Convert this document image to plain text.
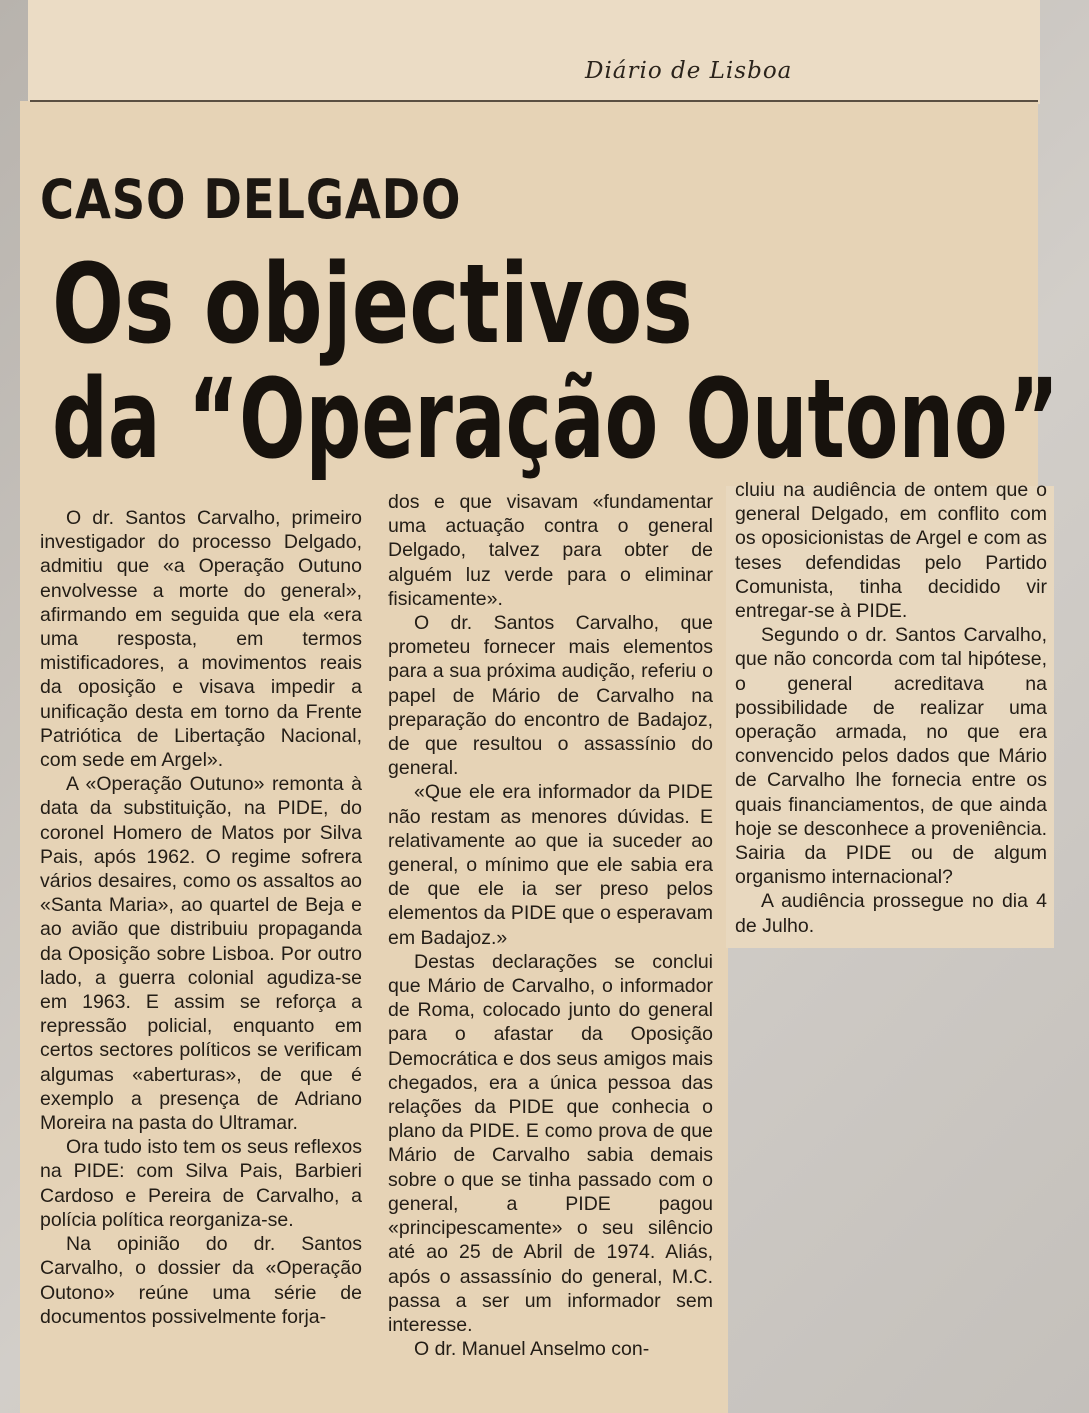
Diário de Lisboa
CASO DELGADO
Os objectivos
da “Operação Outono”

O dr. Santos Carvalho, primeiro investigador do processo Delgado, admitiu que «a Operação Outuno envolvesse a morte do general», afirmando em seguida que ela «era uma resposta, em termos mistificadores, a movimentos reais da oposição e visava impedir a unificação desta em torno da Frente Patriótica de Libertação Nacional, com sede em Argel».

A «Operação Outuno» remonta à data da substituição, na PIDE, do coronel Homero de Matos por Silva Pais, após 1962. O regime sofrera vários desaires, como os assaltos ao «Santa Maria», ao quartel de Beja e ao avião que distribuiu propaganda da Oposição sobre Lisboa. Por outro lado, a guerra colonial agudiza-se em 1963. E assim se reforça a repressão policial, enquanto em certos sectores políticos se verificam algumas «aberturas», de que é exemplo a presença de Adriano Moreira na pasta do Ultramar.

Ora tudo isto tem os seus reflexos na PIDE: com Silva Pais, Barbieri Cardoso e Pereira de Carvalho, a polícia política reorganiza-se.

Na opinião do dr. Santos Carvalho, o dossier da «Operação Outono» reúne uma série de documentos possivelmente forja-

dos e que visavam «fundamentar uma actuação contra o general Delgado, talvez para obter de alguém luz verde para o eliminar fisicamente».

O dr. Santos Carvalho, que prometeu fornecer mais elementos para a sua próxima audição, referiu o papel de Mário de Carvalho na preparação do encontro de Badajoz, de que resultou o assassínio do general.

«Que ele era informador da PIDE não restam as menores dúvidas. E relativamente ao que ia suceder ao general, o mínimo que ele sabia era de que ele ia ser preso pelos elementos da PIDE que o esperavam em Badajoz.»

Destas declarações se conclui que Mário de Carvalho, o informador de Roma, colocado junto do general para o afastar da Oposição Democrática e dos seus amigos mais chegados, era a única pessoa das relações da PIDE que conhecia o plano da PIDE. E como prova de que Mário de Carvalho sabia demais sobre o que se tinha passado com o general, a PIDE pagou «principescamente» o seu silêncio até ao 25 de Abril de 1974. Aliás, após o assassínio do general, M.C. passa a ser um informador sem interesse.

O dr. Manuel Anselmo con-

cluiu na audiência de ontem que o general Delgado, em conflito com os oposicionistas de Argel e com as teses defendidas pelo Partido Comunista, tinha decidido vir entregar-se à PIDE.

Segundo o dr. Santos Carvalho, que não concorda com tal hipótese, o general acreditava na possibilidade de realizar uma operação armada, no que era convencido pelos dados que Mário de Carvalho lhe fornecia entre os quais financiamentos, de que ainda hoje se desconhece a proveniência. Sairia da PIDE ou de algum organismo internacional?

A audiência prossegue no dia 4 de Julho.
